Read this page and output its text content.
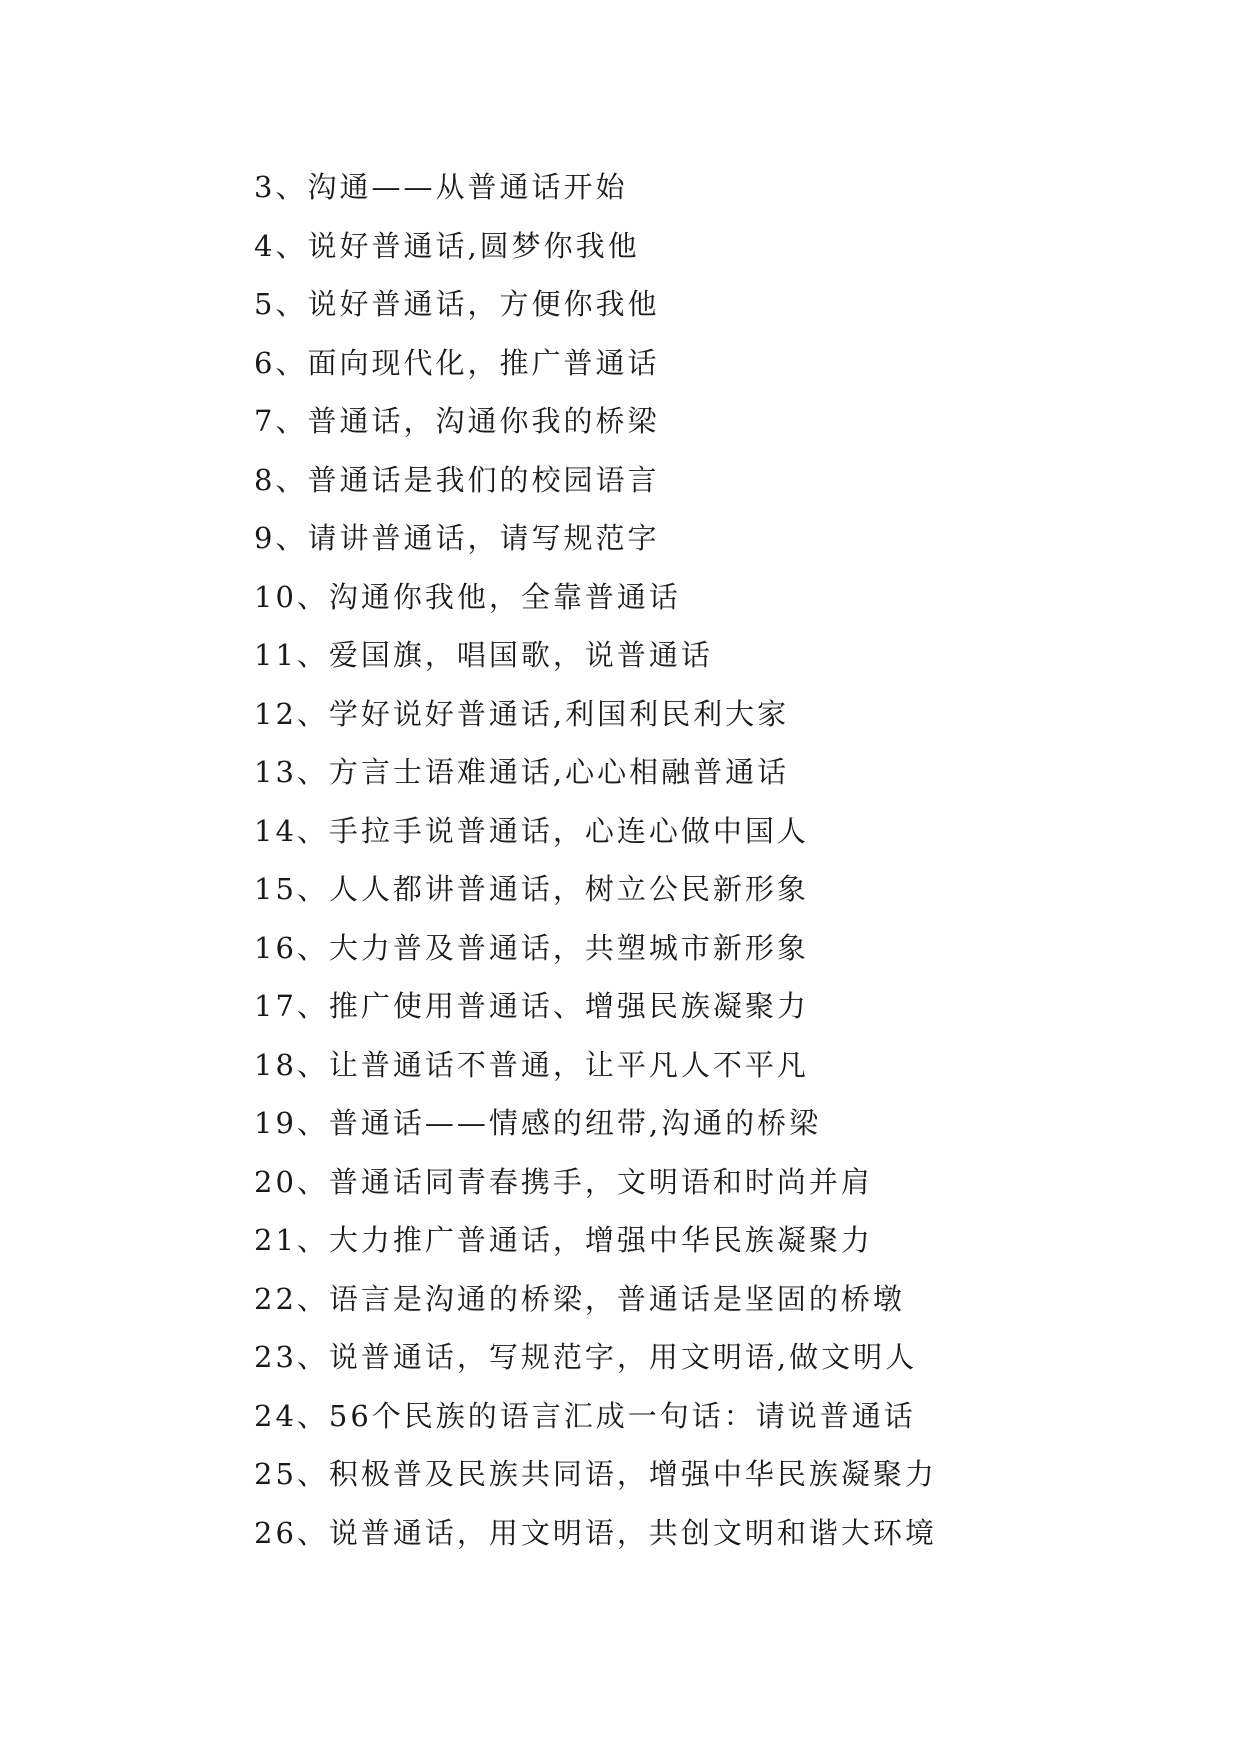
3、沟通——从普通话开始
4、说好普通话,圆梦你我他
5、说好普通话，方便你我他
6、面向现代化，推广普通话
7、普通话，沟通你我的桥梁
8、普通话是我们的校园语言
9、请讲普通话，请写规范字
10、沟通你我他，全靠普通话
11、爱国旗，唱国歌，说普通话
12、学好说好普通话,利国利民利大家
13、方言士语难通话,心心相融普通话
14、手拉手说普通话，心连心做中国人
15、人人都讲普通话，树立公民新形象
16、大力普及普通话，共塑城市新形象
17、推广使用普通话、增强民族凝聚力
18、让普通话不普通，让平凡人不平凡
19、普通话——情感的纽带,沟通的桥梁
20、普通话同青春携手，文明语和时尚并肩
21、大力推广普通话，增强中华民族凝聚力
22、语言是沟通的桥梁，普通话是坚固的桥墩
23、说普通话，写规范字，用文明语,做文明人
24、56个民族的语言汇成一句话：请说普通话
25、积极普及民族共同语，增强中华民族凝聚力
26、说普通话，用文明语，共创文明和谐大环境
